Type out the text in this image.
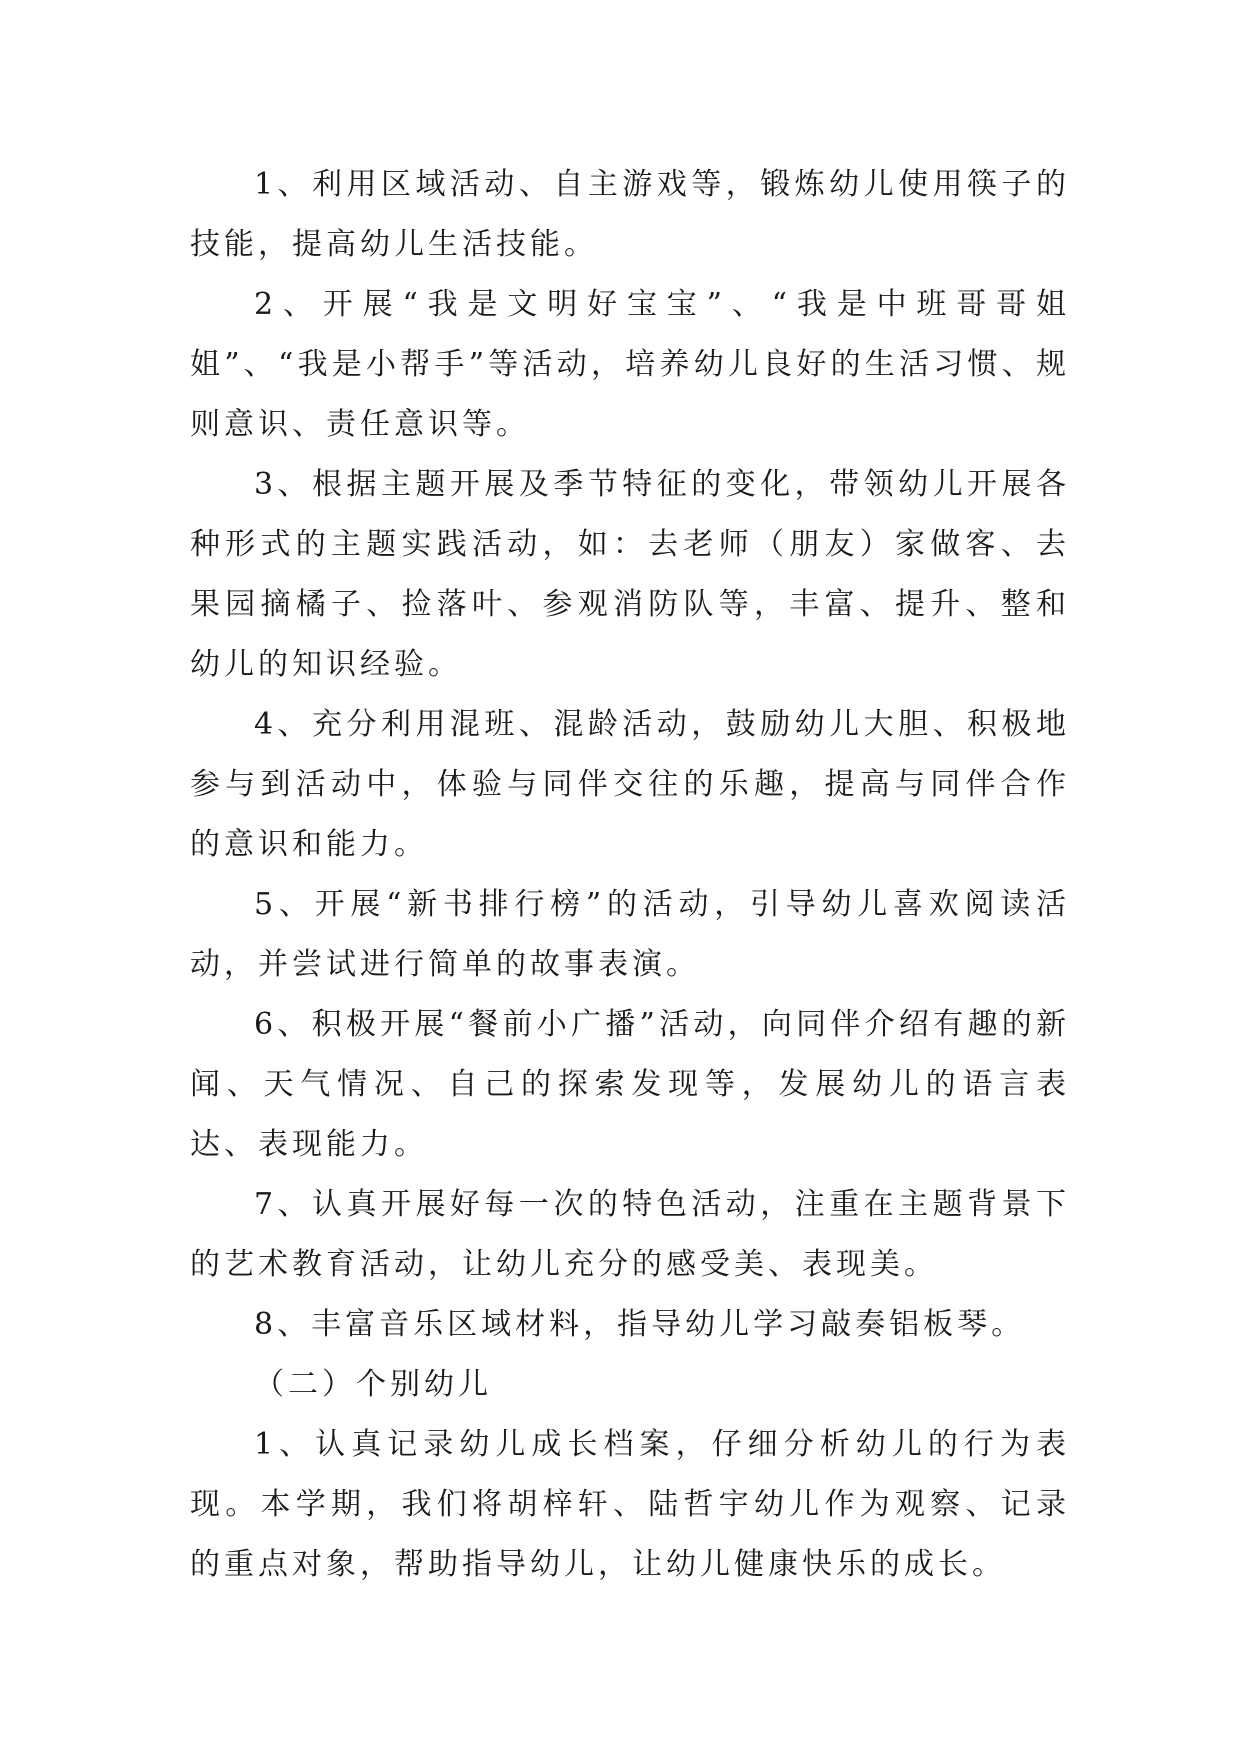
1、利用区域活动、自主游戏等，锻炼幼儿使用筷子的技能，提高幼儿生活技能。

2、开展“我是文明好宝宝”、“我是中班哥哥姐姐”、“我是小帮手”等活动，培养幼儿良好的生活习惯、规则意识、责任意识等。

3、根据主题开展及季节特征的变化，带领幼儿开展各种形式的主题实践活动，如：去老师（朋友）家做客、去果园摘橘子、捡落叶、参观消防队等，丰富、提升、整和幼儿的知识经验。

4、充分利用混班、混龄活动，鼓励幼儿大胆、积极地参与到活动中，体验与同伴交往的乐趣，提高与同伴合作的意识和能力。

5、开展“新书排行榜”的活动，引导幼儿喜欢阅读活动，并尝试进行简单的故事表演。

6、积极开展“餐前小广播”活动，向同伴介绍有趣的新闻、天气情况、自己的探索发现等，发展幼儿的语言表达、表现能力。

7、认真开展好每一次的特色活动，注重在主题背景下的艺术教育活动，让幼儿充分的感受美、表现美。

8、丰富音乐区域材料，指导幼儿学习敲奏铝板琴。

（二）个别幼儿

1、认真记录幼儿成长档案，仔细分析幼儿的行为表现。本学期，我们将胡梓轩、陆哲宇幼儿作为观察、记录的重点对象，帮助指导幼儿，让幼儿健康快乐的成长。
